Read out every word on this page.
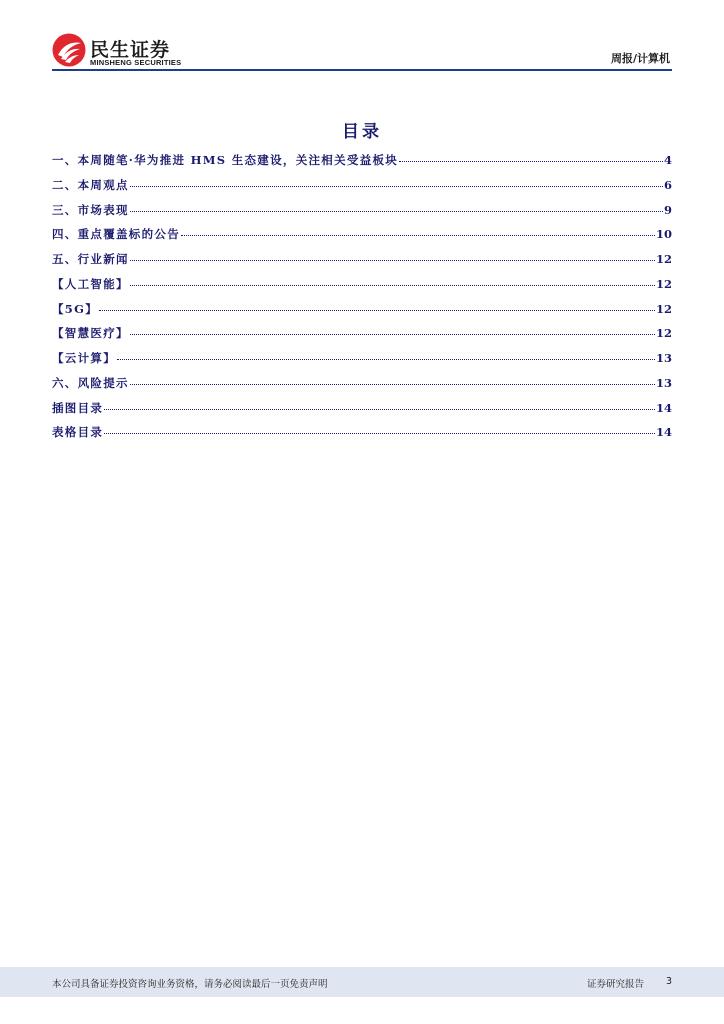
民生证券
MINSHENG SECURITIES	周报/计算机
目录
一、本周随笔·华为推进 HMS 生态建设，关注相关受益板块	4
二、本周观点	6
三、市场表现	9
四、重点覆盖标的公告	10
五、行业新闻	12
【人工智能】	12
【5G】	12
【智慧医疗】	12
【云计算】	13
六、风险提示	13
插图目录	14
表格目录	14
本公司具备证券投资咨询业务资格，请务必阅读最后一页免责声明	证券研究报告 3
